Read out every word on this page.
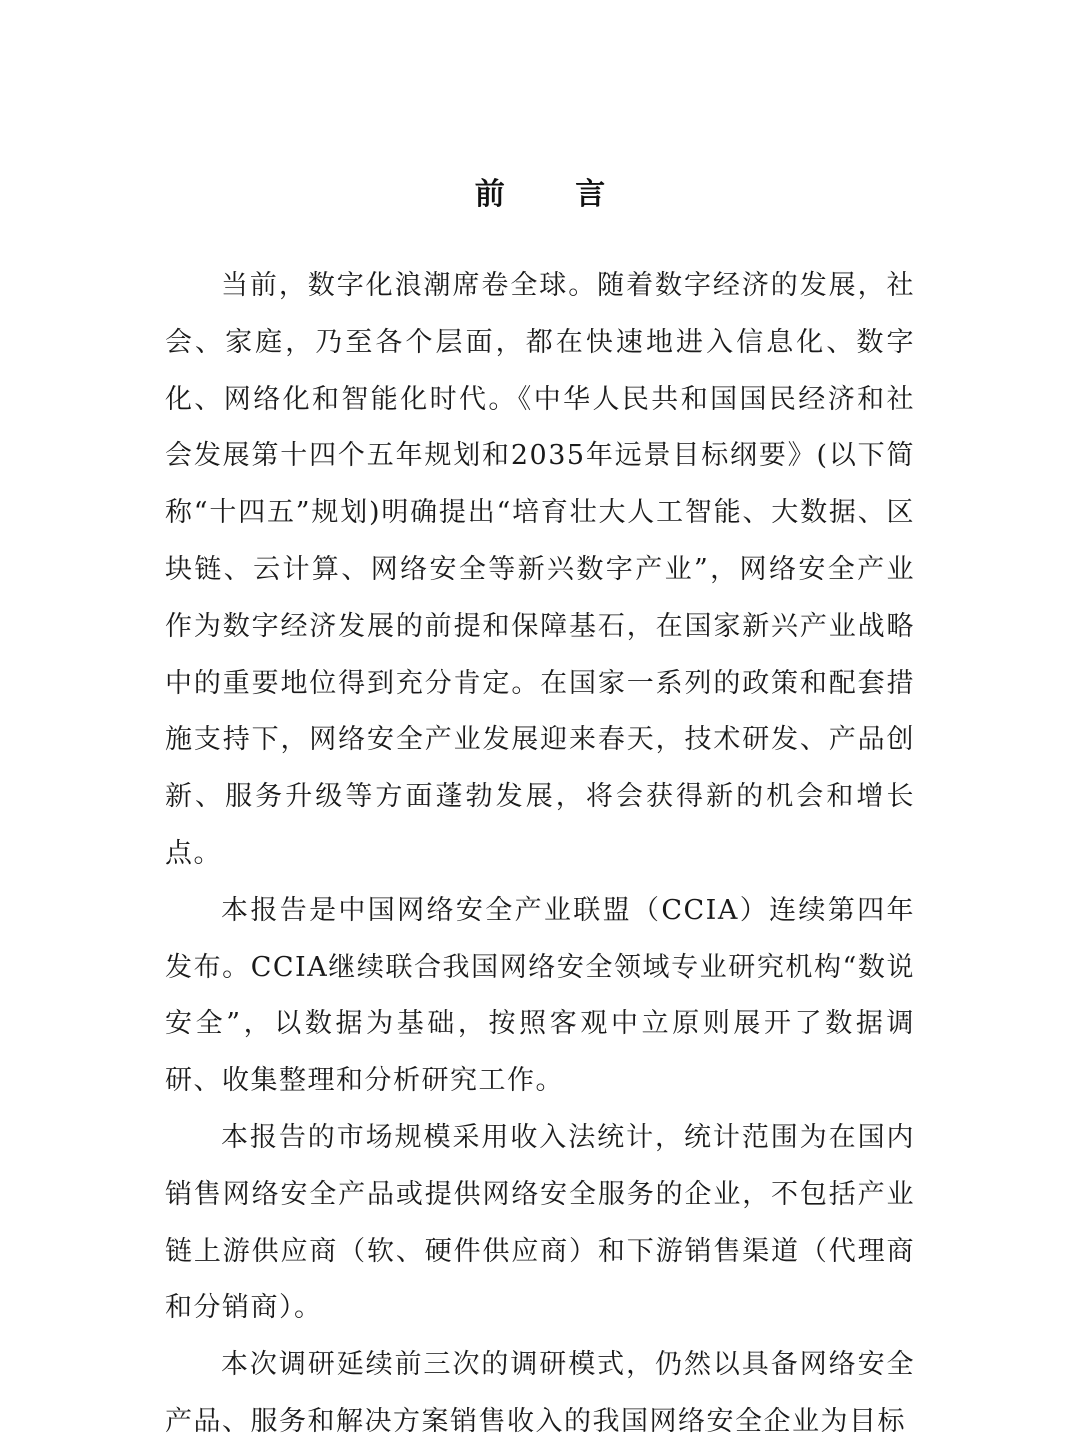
前 言

当前，数字化浪潮席卷全球。随着数字经济的发展，社会、家庭，乃至各个层面，都在快速地进入信息化、数字化、网络化和智能化时代。《中华人民共和国国民经济和社会发展第十四个五年规划和2035年远景目标纲要》(以下简称“十四五”规划)明确提出“培育壮大人工智能、大数据、区块链、云计算、网络安全等新兴数字产业”，网络安全产业作为数字经济发展的前提和保障基石，在国家新兴产业战略中的重要地位得到充分肯定。在国家一系列的政策和配套措施支持下，网络安全产业发展迎来春天，技术研发、产品创新、服务升级等方面蓬勃发展，将会获得新的机会和增长点。

本报告是中国网络安全产业联盟（CCIA）连续第四年发布。CCIA继续联合我国网络安全领域专业研究机构“数说安全”，以数据为基础，按照客观中立原则展开了数据调研、收集整理和分析研究工作。

本报告的市场规模采用收入法统计，统计范围为在国内销售网络安全产品或提供网络安全服务的企业，不包括产业链上游供应商（软、硬件供应商）和下游销售渠道（代理商和分销商）。

本次调研延续前三次的调研模式，仍然以具备网络安全产品、服务和解决方案销售收入的我国网络安全企业为目标
